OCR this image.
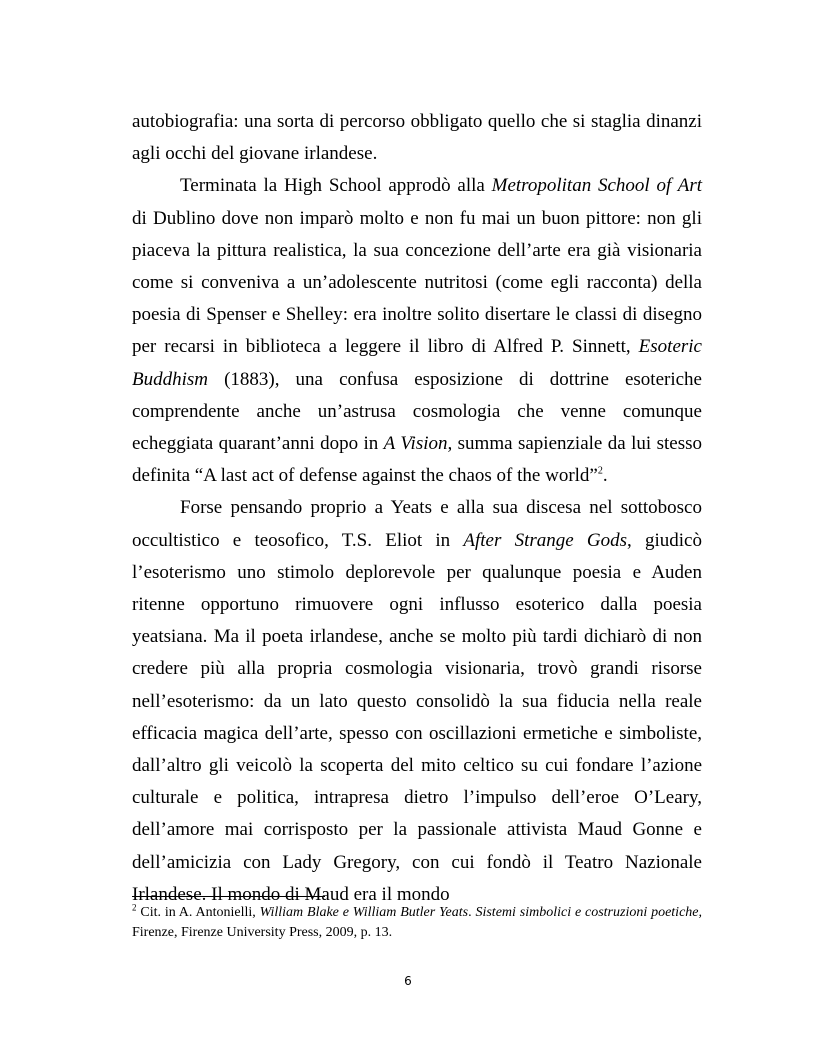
autobiografia: una sorta di percorso obbligato quello che si staglia dinanzi agli occhi del giovane irlandese.

Terminata la High School approdò alla Metropolitan School of Art di Dublino dove non imparò molto e non fu mai un buon pittore: non gli piaceva la pittura realistica, la sua concezione dell’arte era già visionaria come si conveniva a un’adolescente nutritosi (come egli racconta) della poesia di Spenser e Shelley: era inoltre solito disertare le classi di disegno per recarsi in biblioteca a leggere il libro di Alfred P. Sinnett, Esoteric Buddhism (1883), una confusa esposizione di dottrine esoteriche comprendente anche un’astrusa cosmologia che venne comunque echeggiata quarant’anni dopo in A Vision, summa sapienziale da lui stesso definita “A last act of defense against the chaos of the world”$^2$.

Forse pensando proprio a Yeats e alla sua discesa nel sottobosco occultistico e teosofico, T.S. Eliot in After Strange Gods, giudicò l’esoterismo uno stimolo deplorevole per qualunque poesia e Auden ritenne opportuno rimuovere ogni influsso esoterico dalla poesia yeatsiana. Ma il poeta irlandese, anche se molto più tardi dichiarò di non credere più alla propria cosmologia visionaria, trovò grandi risorse nell’esoterismo: da un lato questo consolidò la sua fiducia nella reale efficacia magica dell’arte, spesso con oscillazioni ermetiche e simboliste, dall’altro gli veicolò la scoperta del mito celtico su cui fondare l’azione culturale e politica, intrapresa dietro l’impulso dell’eroe O’Leary, dell’amore mai corrisposto per la passionale attivista Maud Gonne e dell’amicizia con Lady Gregory, con cui fondò il Teatro Nazionale Irlandese. Il mondo di Maud era il mondo

$^2$ Cit. in A. Antonielli, William Blake e William Butler Yeats. Sistemi simbolici e costruzioni poetiche, Firenze, Firenze University Press, 2009, p. 13.
6
